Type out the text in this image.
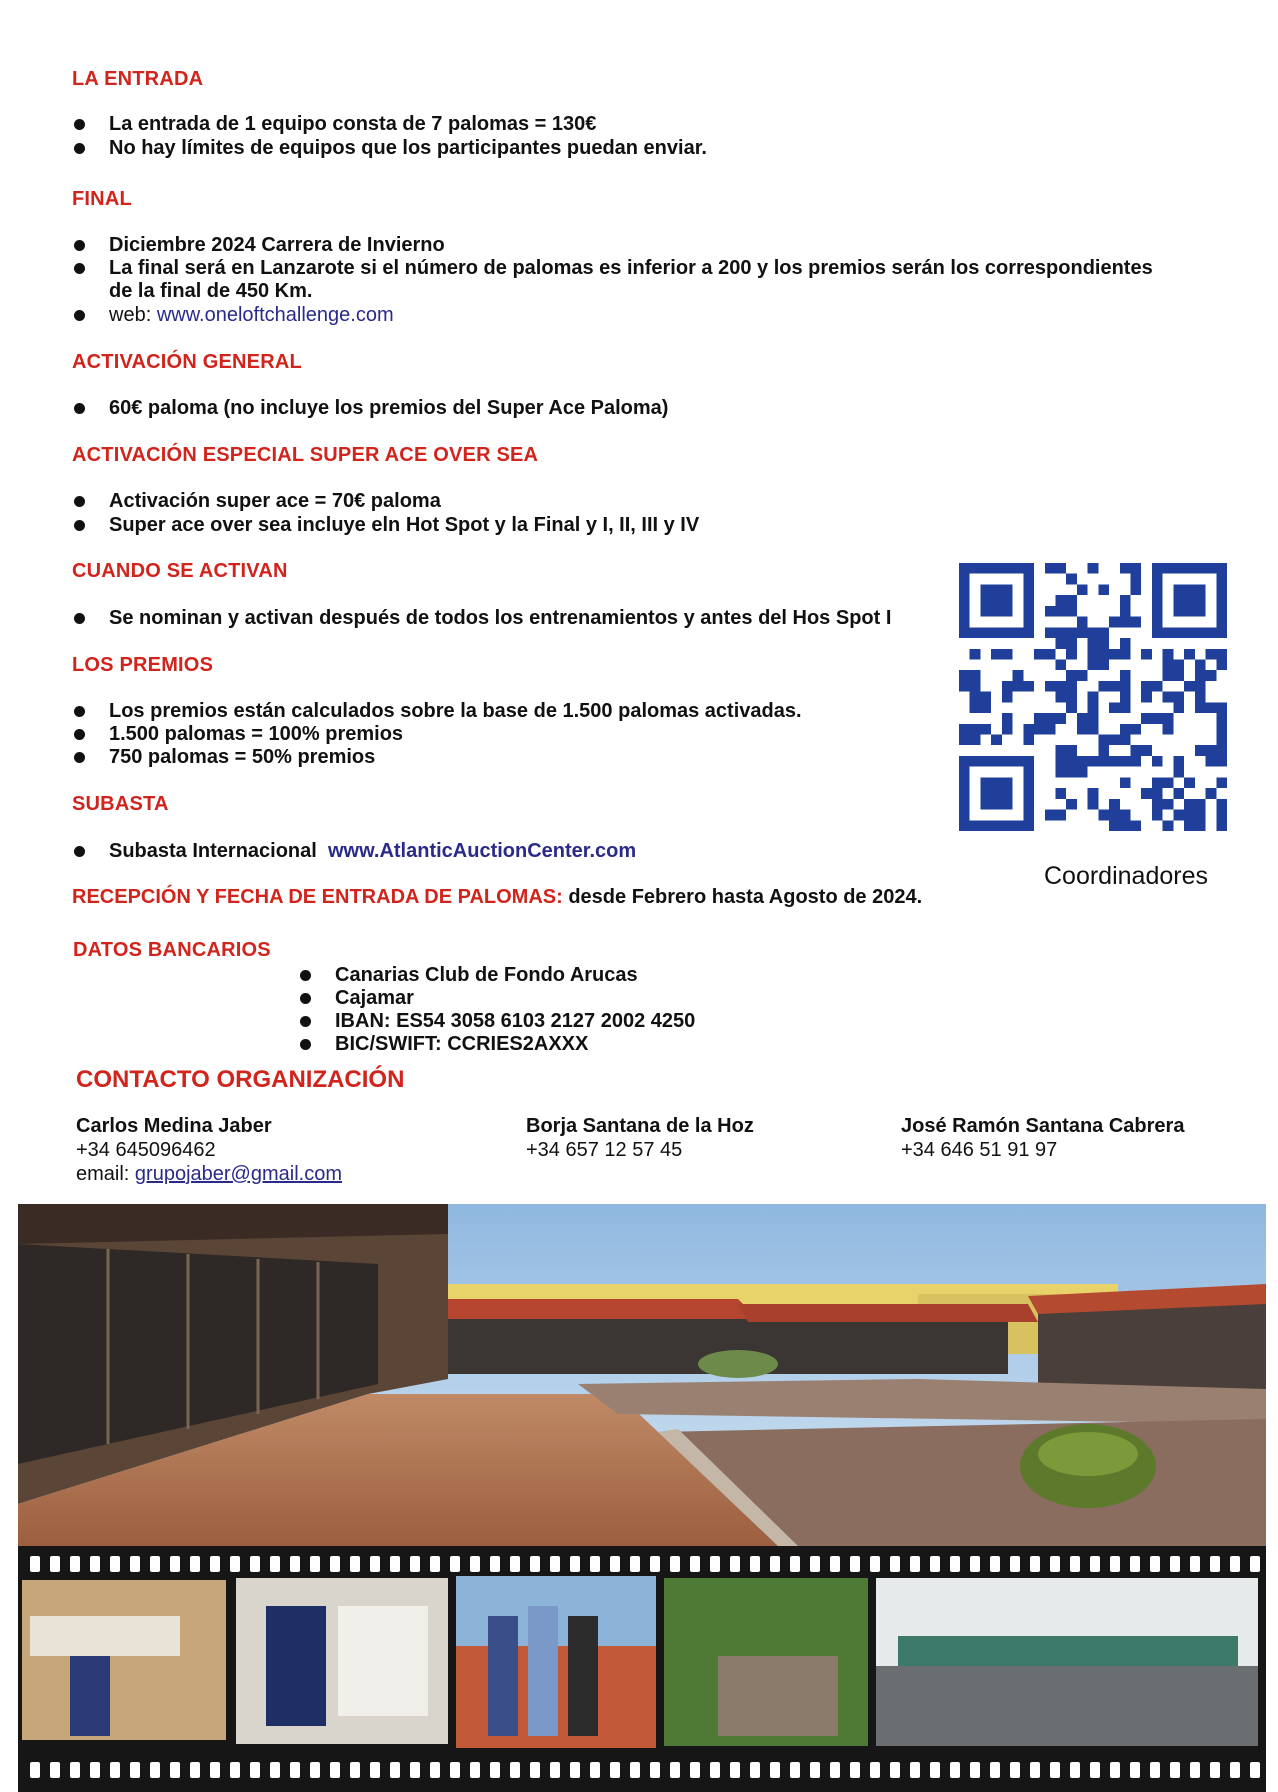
LA ENTRADA
La entrada de 1 equipo consta de 7 palomas = 130€
No hay límites de equipos que los participantes puedan enviar.
FINAL
Diciembre 2024 Carrera de Invierno
La final será en Lanzarote si el número de palomas es inferior a 200 y los premios serán los correspondientes
de la final de 450 Km.
web: www.oneloftchallenge.com
ACTIVACIÓN GENERAL
60€ paloma (no incluye los premios del Super Ace Paloma)
ACTIVACIÓN ESPECIAL SUPER ACE OVER SEA
Activación super ace = 70€ paloma
Super ace over sea incluye eln Hot Spot y la Final y I, II, III y IV
CUANDO SE ACTIVAN
Se nominan y activan después de todos los entrenamientos y antes del Hos Spot I
LOS PREMIOS
Los premios están calculados sobre la base de 1.500 palomas activadas.
1.500 palomas = 100% premios
750 palomas = 50% premios
SUBASTA
Subasta Internacional www.AtlanticAuctionCenter.com
RECEPCIÓN Y FECHA DE ENTRADA DE PALOMAS: desde Febrero hasta Agosto de 2024.
Coordinadores
DATOS BANCARIOS
Canarias Club de Fondo Arucas
Cajamar
IBAN: ES54 3058 6103 2127 2002 4250
BIC/SWIFT: CCRIES2AXXX
CONTACTO ORGANIZACIÓN
Carlos Medina Jaber
+34 645096462
email: grupojaber@gmail.com
Borja Santana de la Hoz
+34 657 12 57 45
José Ramón Santana Cabrera
+34 646 51 91 97
